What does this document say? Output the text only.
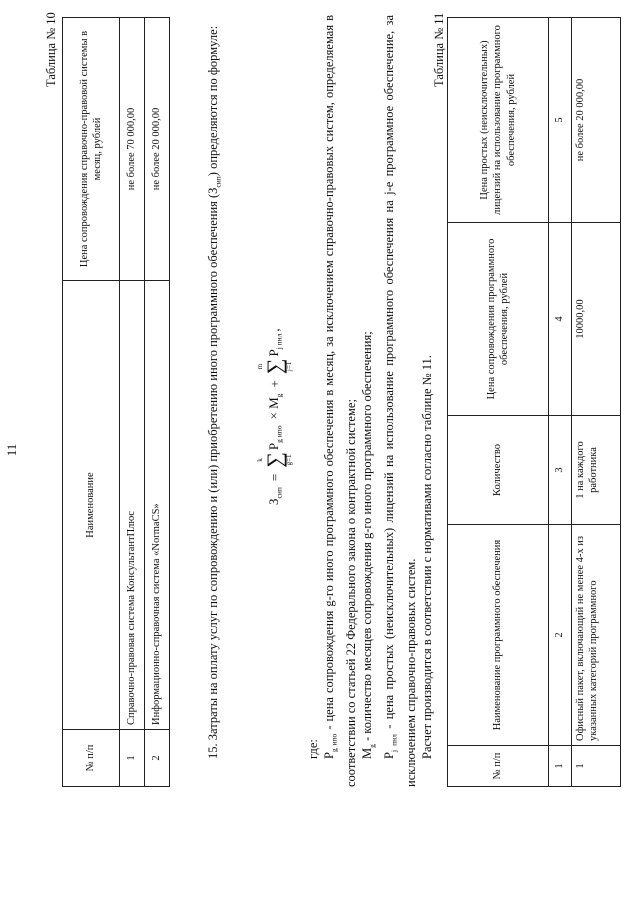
11
Таблица № 10
№ п/п	Наименование	Цена сопровождения справочно-правовой системы в месяц, рублей
1	Справочно-правовая система КонсультантПлюс	не более 70 000,00
2	Информационно-справочная система «NormaCS»	не более 20 000,00
15. Затраты на оплату услуг по сопровождению и (или) приобретению иного программного обеспечения $(З_{сип})$ определяются по формуле:
$З_{сип}$
=
k
∑
g=1
$P_{g ипо}$
× $M_g$
+
m
∑
j=1
$P_{j пнл}$
,
где: $P_{g ипо}$ - цена сопровождения g-го иного программного обеспечения в месяц, за исключением справочно-правовых систем, определяемая в соответствии со статьей 22 Федерального закона о контрактной системе; $M_g$ - количество месяцев сопровождения g-го иного программного обеспечения;
$P_{j пнл}$ - цена простых (неисключительных) лицензий на использование программного обеспечения на j-е программное обеспечение, за исключением справочно-правовых систем. Расчет производится в соответствии с нормативами согласно таблице № 11.
Таблица № 11
№ п/п	Наименование программного обеспечения	Количество	Цена сопровождения программного обеспечения, рублей	Цена простых (неисключительных) лицензий на использование программного обеспечения, рублей
1	2	3	4	5
1	Офисный пакет, включающий не менее 4-х из указанных категорий программного	1 на каждого работника	10000,00	не более 20 000,00
